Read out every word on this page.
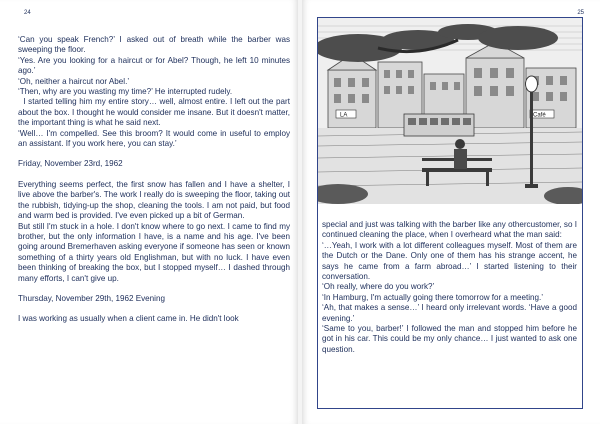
24

‘Can you speak French?’ I asked out of breath while the barber was sweeping the floor.

‘Yes. Are you looking for a haircut or for Abel? Though, he left 10 minutes ago.’

‘Oh, neither a haircut nor Abel.’

‘Then, why are you wasting my time?’ He interrupted rudely.

I started telling him my entire story… well, almost entire. I left out the part about the box. I thought he would consider me insane. But it doesn't matter, the important thing is what he said next.

‘Well… I'm compelled. See this broom? It would come in useful to employ an assistant. If you work here, you can stay.’

Friday, November 23rd, 1962

Everything seems perfect, the first snow has fallen and I have a shelter, I live above the barber's. The work I really do is sweeping the floor, taking out the rubbish, tidying-up the shop, cleaning the tools. I am not paid, but food and warm bed is provided. I've even picked up a bit of German.

But still I'm stuck in a hole. I don't know where to go next. I came to find my brother, but the only information I have, is a name and his age. I've been going around Bremerhaven asking everyone if someone has seen or known something of a thirty years old Englishman, but with no luck. I have even been thinking of breaking the box, but I stopped myself… I dashed through many efforts, I can't give up.

Thursday, November 29th, 1962 Evening

I was working as usually when a client came in. He didn't look

25
LA	Café

special and just was talking with the barber like any othercustomer, so I continued cleaning the place, when I overheard what the man said:

‘…Yeah, I work with a lot different colleagues myself. Most of them are the Dutch or the Dane. Only one of them has his strange accent, he says he came from a farm abroad…’ I started listening to their conversation.

‘Oh really, where do you work?’

‘In Hamburg, I'm actually going there tomorrow for a meeting.’

‘Ah, that makes a sense…’ I heard only irrelevant words. ‘Have a good evening.’

‘Same to you, barber!’ I followed the man and stopped him before he got in his car. This could be my only chance… I just wanted to ask one question.
